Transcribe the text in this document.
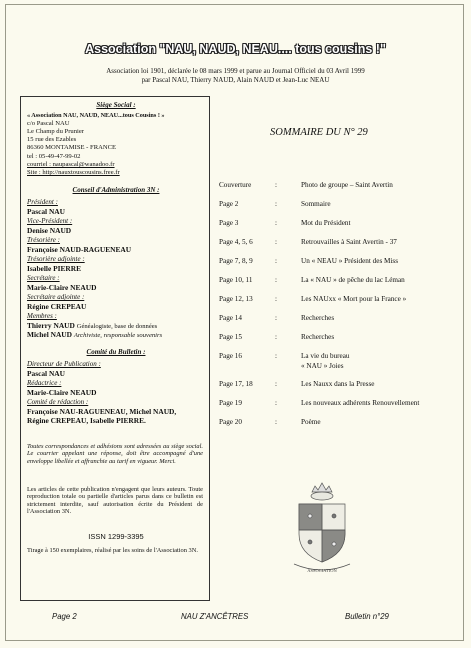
Association "NAU, NAUD, NEAU.... tous cousins !"
Association loi 1901, déclarée le 08 mars 1999 et parue au Journal Officiel du 03 Avril 1999
par Pascal NAU, Thierry NAUD, Alain NAUD et Jean-Luc NEAU
Siège Social :
« Association NAU, NAUD, NEAU...tous Cousins ! »
c/o Pascal NAU
Le Champ du Prunier
15 rue des Ezables
86360 MONTAMISE - FRANCE
tel : 05-49-47-99-02
courriel : naupascal@wanadoo.fr
Site : http://nauxtouscousins.free.fr
Conseil d'Administration 3N :
Président :
Pascal NAU
Vice-Président :
Denise NAUD
Trésorière :
Françoise NAUD-RAGUENEAU
Trésorière adjointe :
Isabelle PIERRE
Secrétaire :
Marie-Claire NEAUD
Secrétaire adjointe :
Régine CREPEAU
Membres :
Thierry NAUD Généalogiste, base de données
Michel NAUD Archiviste, responsable souvenirs
Comité du Bulletin :
Directeur de Publication :
Pascal NAU
Rédactrice :
Marie-Claire NEAUD
Comité de rédaction :
Françoise NAU-RAGUENEAU, Michel NAUD,
Régine CREPEAU, Isabelle PIERRE.
Toutes correspondances et adhésions sont adressées au siège social. Le courrier appelant une réponse, doit être accompagné d'une enveloppe libellée et affranchie au tarif en vigueur. Merci.
Les articles de cette publication n'engagent que leurs auteurs. Toute reproduction totale ou partielle d'articles parus dans ce bulletin est strictement interdite, sauf autorisation écrite du Président de l'Association 3N.
ISSN 1299-3395
Tirage à 150 exemplaires, réalisé par les soins de l'Association 3N.
SOMMAIRE DU N° 29
Couverture	:	Photo de groupe – Saint Avertin
Page 2	:	Sommaire
Page 3	:	Mot du Président
Page 4, 5, 6	:	Retrouvailles à Saint Avertin - 37
Page 7, 8, 9	:	Un « NEAU » Président des Miss
Page 10, 11	:	La « NAU » de pêche du lac Léman
Page 12, 13	:	Les NAUxx « Mort pour la France »
Page 14	:	Recherches
Page 15	:	Recherches
Page 16	:	La vie du bureau
« NAU » Joies
Page 17, 18	:	Les Nauxx dans la Presse
Page 19	:	Les nouveaux adhérents Renouvellement
Page 20	:	Poème
ASSOCIATION
Page 2	NAU Z'ANCÊTRES	Bulletin n°29
